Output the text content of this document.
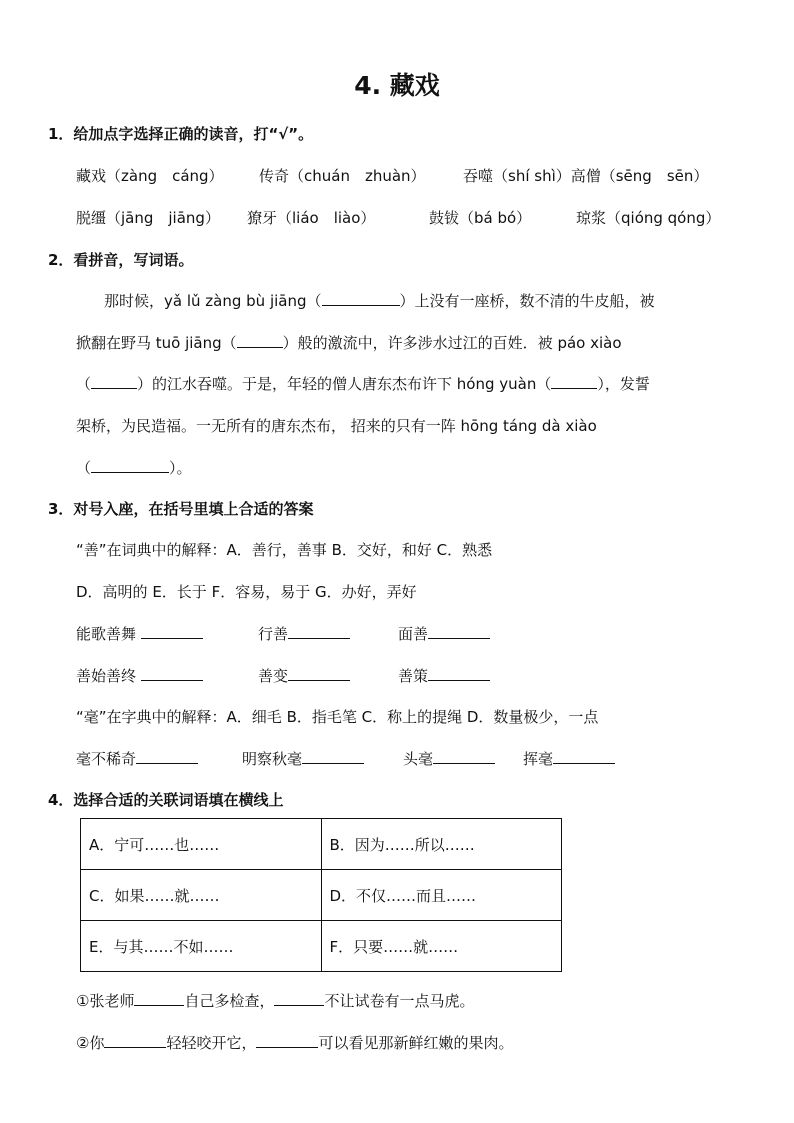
4. 藏戏
1．给加点字选择正确的读音，打“√”。
藏戏（zàng　cáng） 传奇（chuán　zhuàn） 吞噬（shí shì）高僧（sēng　sēn）
脱缰（jāng　jiāng） 獠牙（liáo　liào）	鼓钹（bá bó）	琼浆（qióng qóng）
2．看拼音，写词语。
那时候，yǎ lǔ zàng bù jiāng（	）上没有一座桥，数不清的牛皮船，被
掀翻在野马 tuō jiāng（	）般的激流中，许多涉水过江的百姓．被 páo xiào
（	）的江水吞噬。于是，年轻的僧人唐东杰布许下 hóng yuàn（	），发誓
架桥，为民造福。一无所有的唐东杰布， 招来的只有一阵 hōng táng dà xiào
（	）。
3．对号入座，在括号里填上合适的答案
“善”在词典中的解释：A．善行，善事 B．交好，和好 C．熟悉
D．高明的 E．长于 F．容易，易于 G．办好，弄好
能歌善舞	行善	面善
善始善终	善变	善策
“毫”在字典中的解释：A．细毛 B．指毛笔 C．称上的提绳 D．数量极少，一点
毫不稀奇	明察秋毫	头毫	挥毫
4．选择合适的关联词语填在横线上
A．宁可……也……	B．因为……所以……
C．如果……就……	D．不仅……而且……
E．与其……不如……	F．只要……就……
①张老师	自己多检查，	不让试卷有一点马虎。
②你	轻轻咬开它，	可以看见那新鲜红嫩的果肉。
